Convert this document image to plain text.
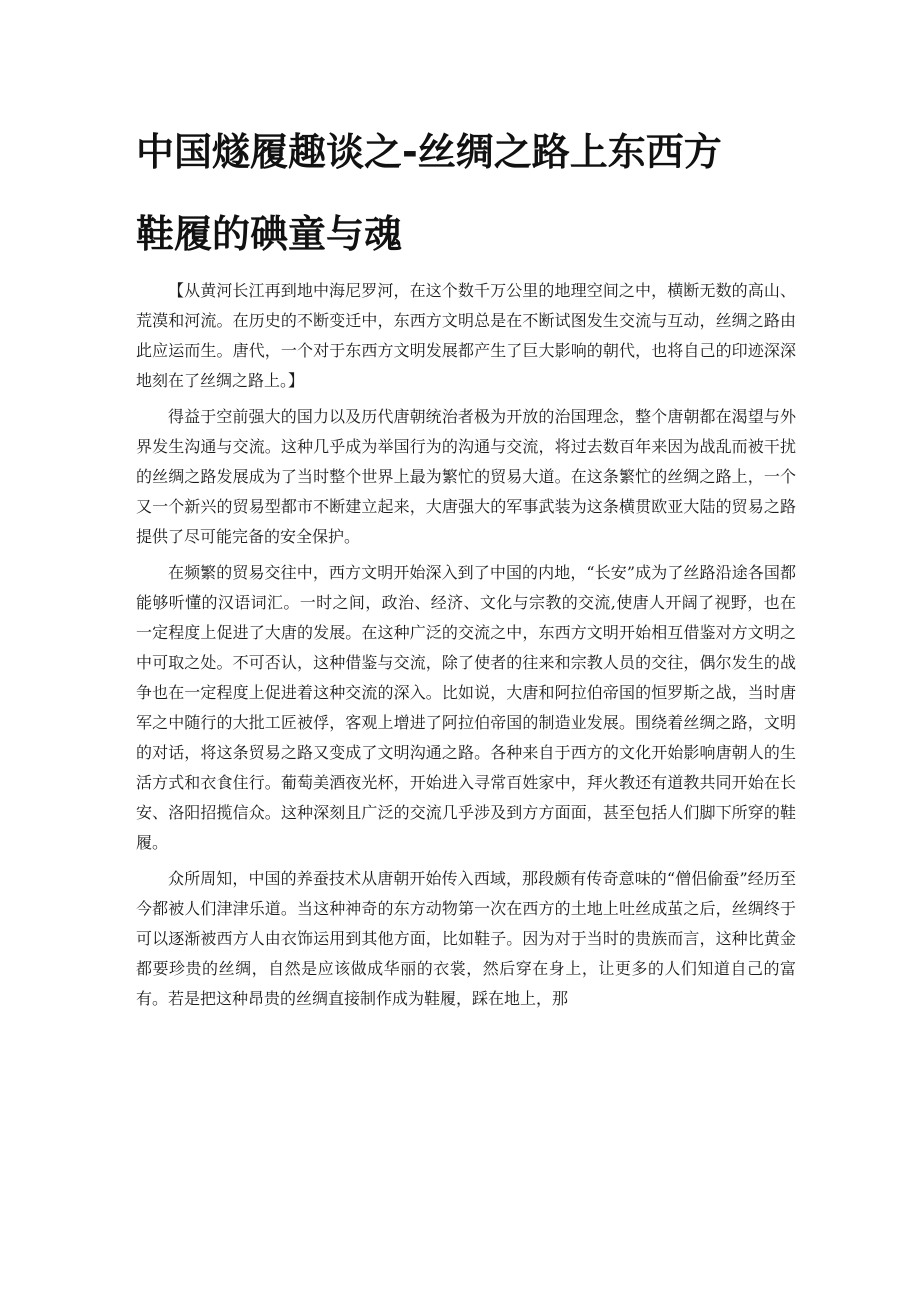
中国燧履趣谈之-丝绸之路上东西方
鞋履的碘童与魂

【从黄河长江再到地中海尼罗河，在这个数千万公里的地理空间之中，横断无数的高山、荒漠和河流。在历史的不断变迁中，东西方文明总是在不断试图发生交流与互动，丝绸之路由此应运而生。唐代，一个对于东西方文明发展都产生了巨大影响的朝代，也将自己的印迹深深地刻在了丝绸之路上。】

得益于空前强大的国力以及历代唐朝统治者极为开放的治国理念，整个唐朝都在渴望与外界发生沟通与交流。这种几乎成为举国行为的沟通与交流，将过去数百年来因为战乱而被干扰的丝绸之路发展成为了当时整个世界上最为繁忙的贸易大道。在这条繁忙的丝绸之路上，一个又一个新兴的贸易型都市不断建立起来，大唐强大的军事武装为这条横贯欧亚大陆的贸易之路提供了尽可能完备的安全保护。

在频繁的贸易交往中，西方文明开始深入到了中国的内地，“长安”成为了丝路沿途各国都能够听懂的汉语词汇。一时之间，政治、经济、文化与宗教的交流,使唐人开阔了视野，也在一定程度上促进了大唐的发展。在这种广泛的交流之中，东西方文明开始相互借鉴对方文明之中可取之处。不可否认，这种借鉴与交流，除了使者的往来和宗教人员的交往，偶尔发生的战争也在一定程度上促进着这种交流的深入。比如说，大唐和阿拉伯帝国的恒罗斯之战，当时唐军之中随行的大批工匠被俘，客观上增进了阿拉伯帝国的制造业发展。围绕着丝绸之路，文明的对话，将这条贸易之路又变成了文明沟通之路。各种来自于西方的文化开始影响唐朝人的生活方式和衣食住行。葡萄美酒夜光杯，开始进入寻常百姓家中，拜火教还有道教共同开始在长安、洛阳招揽信众。这种深刻且广泛的交流几乎涉及到方方面面，甚至包括人们脚下所穿的鞋履。

众所周知，中国的养蚕技术从唐朝开始传入西域，那段颇有传奇意味的“僧侣偷蚕”经历至今都被人们津津乐道。当这种神奇的东方动物第一次在西方的土地上吐丝成茧之后，丝绸终于可以逐渐被西方人由衣饰运用到其他方面，比如鞋子。因为对于当时的贵族而言，这种比黄金都要珍贵的丝绸，自然是应该做成华丽的衣裳，然后穿在身上，让更多的人们知道自己的富有。若是把这种昂贵的丝绸直接制作成为鞋履，踩在地上，那
